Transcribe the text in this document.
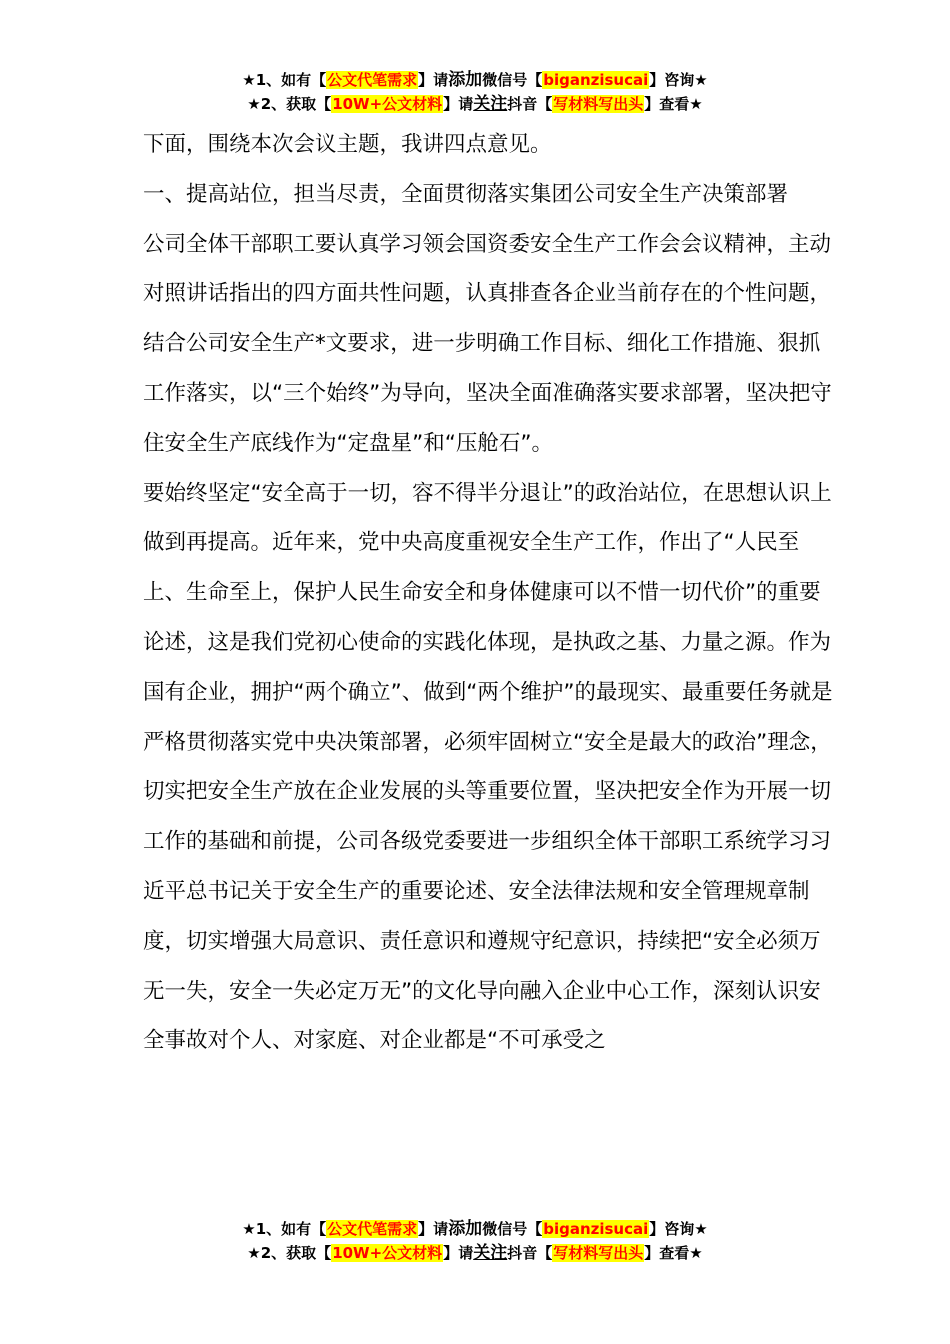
★1、如有【公文代笔需求】请添加微信号【biganzisucai】咨询★
★2、获取【10W+公文材料】请关注抖音【写材料写出头】查看★

下面，围绕本次会议主题，我讲四点意见。

一、提高站位，担当尽责，全面贯彻落实集团公司安全生产决策部署

公司全体干部职工要认真学习领会国资委安全生产工作会会议精神，主动对照讲话指出的四方面共性问题，认真排查各企业当前存在的个性问题，结合公司安全生产*文要求，进一步明确工作目标、细化工作措施、狠抓工作落实，以“三个始终”为导向，坚决全面准确落实要求部署，坚决把守住安全生产底线作为“定盘星”和“压舱石”。

要始终坚定“安全高于一切，容不得半分退让”的政治站位，在思想认识上做到再提高。近年来，党中央高度重视安全生产工作，作出了“人民至上、生命至上，保护人民生命安全和身体健康可以不惜一切代价”的重要论述，这是我们党初心使命的实践化体现，是执政之基、力量之源。作为国有企业，拥护“两个确立”、做到“两个维护”的最现实、最重要任务就是严格贯彻落实党中央决策部署，必须牢固树立“安全是最大的政治”理念，切实把安全生产放在企业发展的头等重要位置，坚决把安全作为开展一切工作的基础和前提，公司各级党委要进一步组织全体干部职工系统学习习近平总书记关于安全生产的重要论述、安全法律法规和安全管理规章制度，切实增强大局意识、责任意识和遵规守纪意识，持续把“安全必须万无一失，安全一失必定万无”的文化导向融入企业中心工作，深刻认识安全事故对个人、对家庭、对企业都是“不可承受之

★1、如有【公文代笔需求】请添加微信号【biganzisucai】咨询★
★2、获取【10W+公文材料】请关注抖音【写材料写出头】查看★
